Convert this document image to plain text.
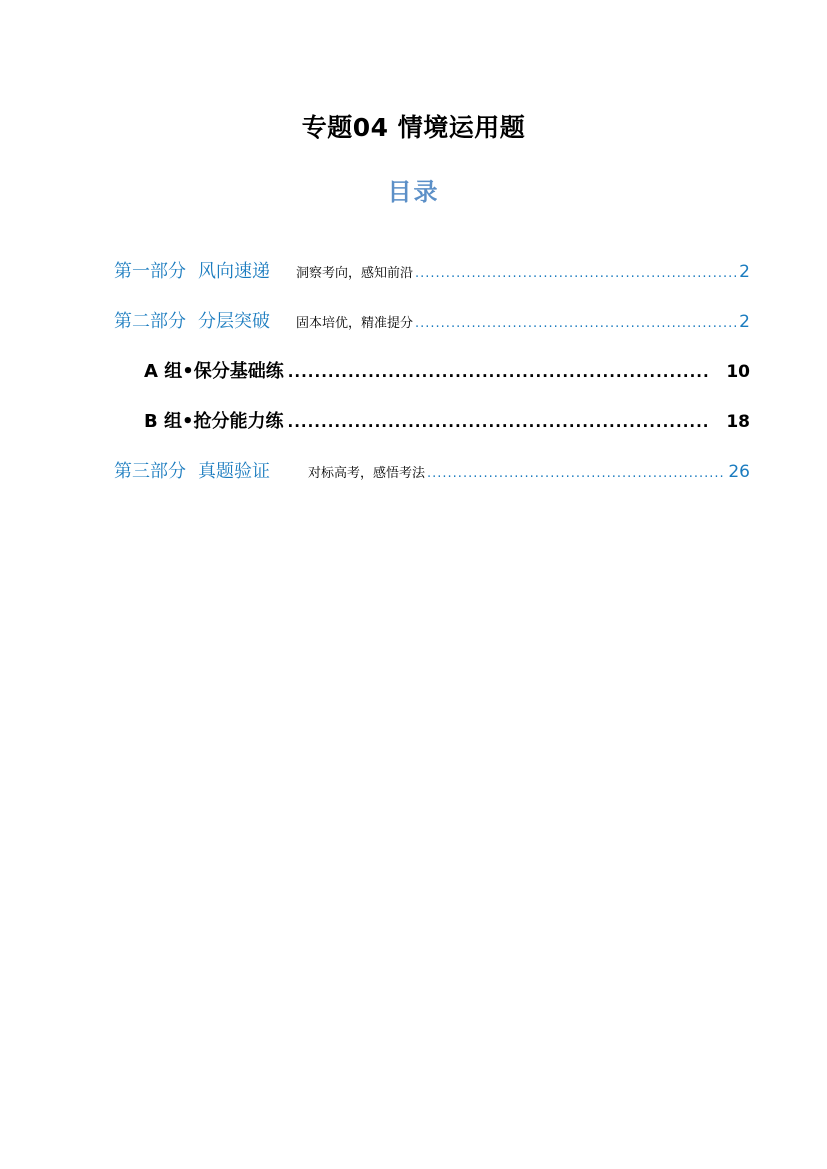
专题04 情境运用题
目录
第一部分 风向速递 洞察考向，感知前沿 .....	2
第二部分 分层突破 固本培优，精准提分 .....	2
A 组•保分基础练 .....	10
B 组•抢分能力练 .....	18
第三部分 真题验证	对标高考，感悟考法 .....	26
